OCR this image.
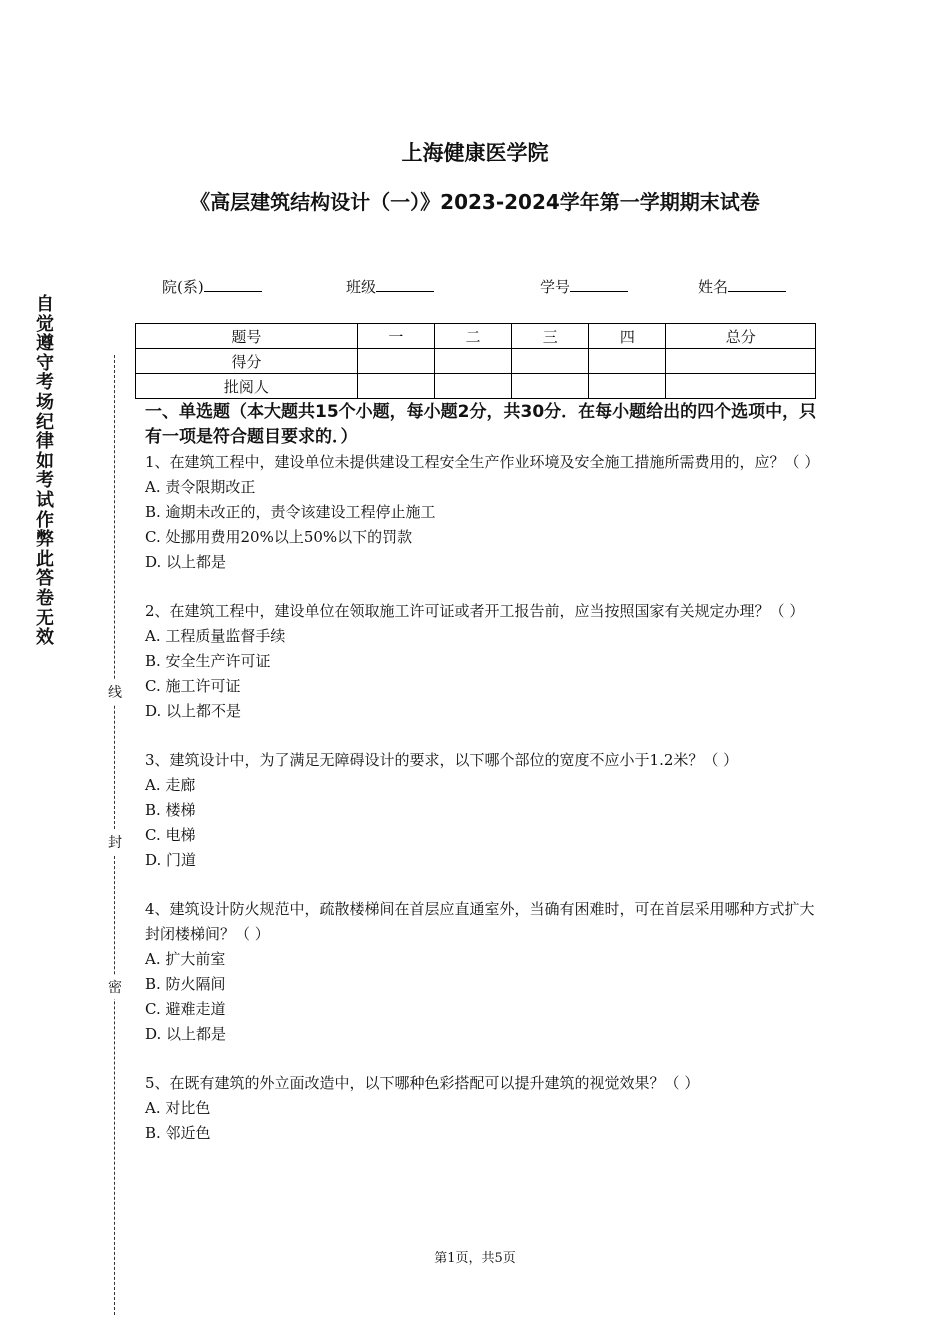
上海健康医学院
《高层建筑结构设计（一）》2023-2024学年第一学期期末试卷
院(系)	班级	学号	姓名
题号	一	二	三	四	总分
得分					
批阅人					
自觉遵守考场纪律如考试作弊此答卷无效
线
封
密
一、单选题（本大题共15个小题，每小题2分，共30分．在每小题给出的四个选项中，只有一项是符合题目要求的．）
1、在建筑工程中，建设单位未提供建设工程安全生产作业环境及安全施工措施所需费用的，应？（ ）
A. 责令限期改正
B. 逾期未改正的，责令该建设工程停止施工
C. 处挪用费用20%以上50%以下的罚款
D. 以上都是
2、在建筑工程中，建设单位在领取施工许可证或者开工报告前，应当按照国家有关规定办理？（ ）
A. 工程质量监督手续
B. 安全生产许可证
C. 施工许可证
D. 以上都不是
3、建筑设计中，为了满足无障碍设计的要求，以下哪个部位的宽度不应小于1.2米？（ ）
A. 走廊
B. 楼梯
C. 电梯
D. 门道
4、建筑设计防火规范中，疏散楼梯间在首层应直通室外，当确有困难时，可在首层采用哪种方式扩大封闭楼梯间？（ ）
A. 扩大前室
B. 防火隔间
C. 避难走道
D. 以上都是
5、在既有建筑的外立面改造中，以下哪种色彩搭配可以提升建筑的视觉效果？（ ）
A. 对比色
B. 邻近色
第1页，共5页
